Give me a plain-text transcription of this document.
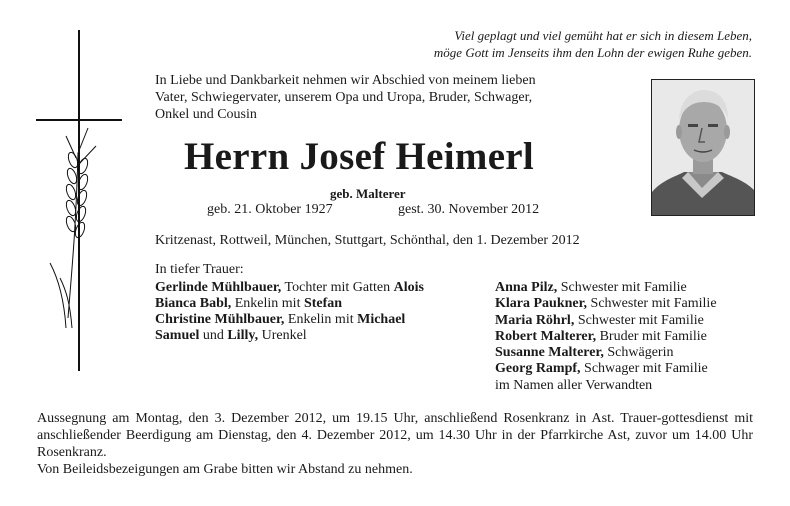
Viel geplagt und viel gemüht hat er sich in diesem Leben,
möge Gott im Jenseits ihm den Lohn der ewigen Ruhe geben.
In Liebe und Dankbarkeit nehmen wir Abschied von meinem lieben
Vater, Schwiegervater, unserem Opa und Uropa, Bruder, Schwager,
Onkel und Cousin
Herrn Josef Heimerl
geb. Malterer
geb. 21. Oktober 1927	gest. 30. November 2012
Kritzenast, Rottweil, München, Stuttgart, Schönthal, den 1. Dezember 2012
In tiefer Trauer:
Gerlinde Mühlbauer, Tochter mit Gatten Alois
Bianca Babl, Enkelin mit Stefan
Christine Mühlbauer, Enkelin mit Michael
Samuel und Lilly, Urenkel
Anna Pilz, Schwester mit Familie
Klara Paukner, Schwester mit Familie
Maria Röhrl, Schwester mit Familie
Robert Malterer, Bruder mit Familie
Susanne Malterer, Schwägerin
Georg Rampf, Schwager mit Familie
im Namen aller Verwandten

Aussegnung am Montag, den 3. Dezember 2012, um 19.15 Uhr, anschließend Rosenkranz in Ast. Trauer-gottesdienst mit anschließender Beerdigung am Dienstag, den 4. Dezember 2012, um 14.30 Uhr in der Pfarrkirche Ast, zuvor um 14.00 Uhr Rosenkranz.

Von Beileidsbezeigungen am Grabe bitten wir Abstand zu nehmen.
